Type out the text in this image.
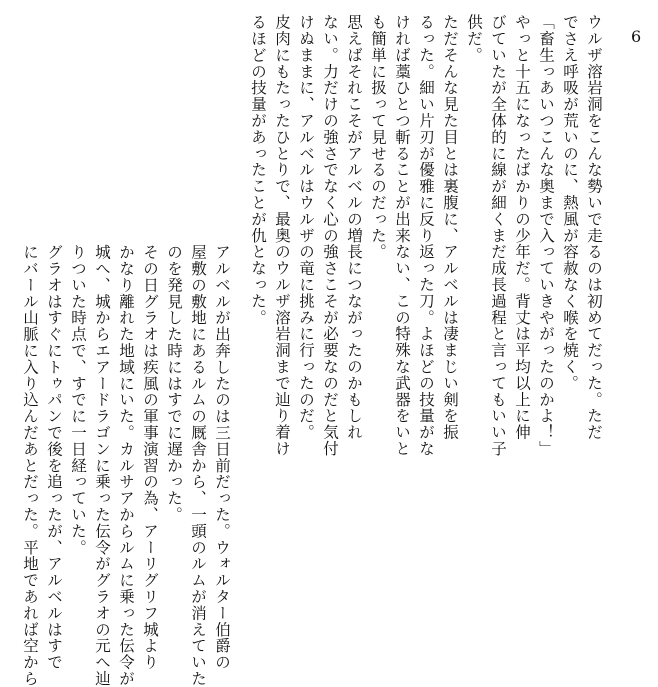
6
ウルザ溶岩洞をこんな勢いで走るのは初めてだった。ただ
でさえ呼吸が荒いのに、熱風が容赦なく喉を焼く。
「畜生っあいつこんな奥まで入っていきやがったのかよ！」
やっと十五になったばかりの少年だ。背丈は平均以上に伸
びていたが全体的に線が細くまだ成長過程と言ってもいい子
供だ。
ただそんな見た目とは裏腹に、アルベルは凄まじい剣を振
るった。細い片刃が優雅に反り返った刀。よほどの技量がな
ければ藁ひとつ斬ることが出来ない、この特殊な武器をいと
も簡単に扱って見せるのだった。
思えばそれこそがアルベルの増長につながったのかもしれ
ない。力だけの強さでなく心の強さこそが必要なのだと気付
けぬままに、アルベルはウルザの竜に挑みに行ったのだ。
皮肉にもたったひとりで、最奥のウルザ溶岩洞まで辿り着け
るほどの技量があったことが仇となった。
アルベルが出奔したのは三日前だった。ウォルター伯爵の
屋敷の敷地にあるルムの厩舎から、一頭のルムが消えていた
のを発見した時にはすでに遅かった。
その日グラオは疾風の軍事演習の為、アーリグリフ城より
かなり離れた地域にいた。カルサアからルムに乗った伝令が
城へ、城からエアードラゴンに乗った伝令がグラオの元へ辿
りついた時点で、すでに一日経っていた。
グラオはすぐにトゥパンで後を追ったが、アルベルはすで
にバール山脈に入り込んだあとだった。平地であれば空から
